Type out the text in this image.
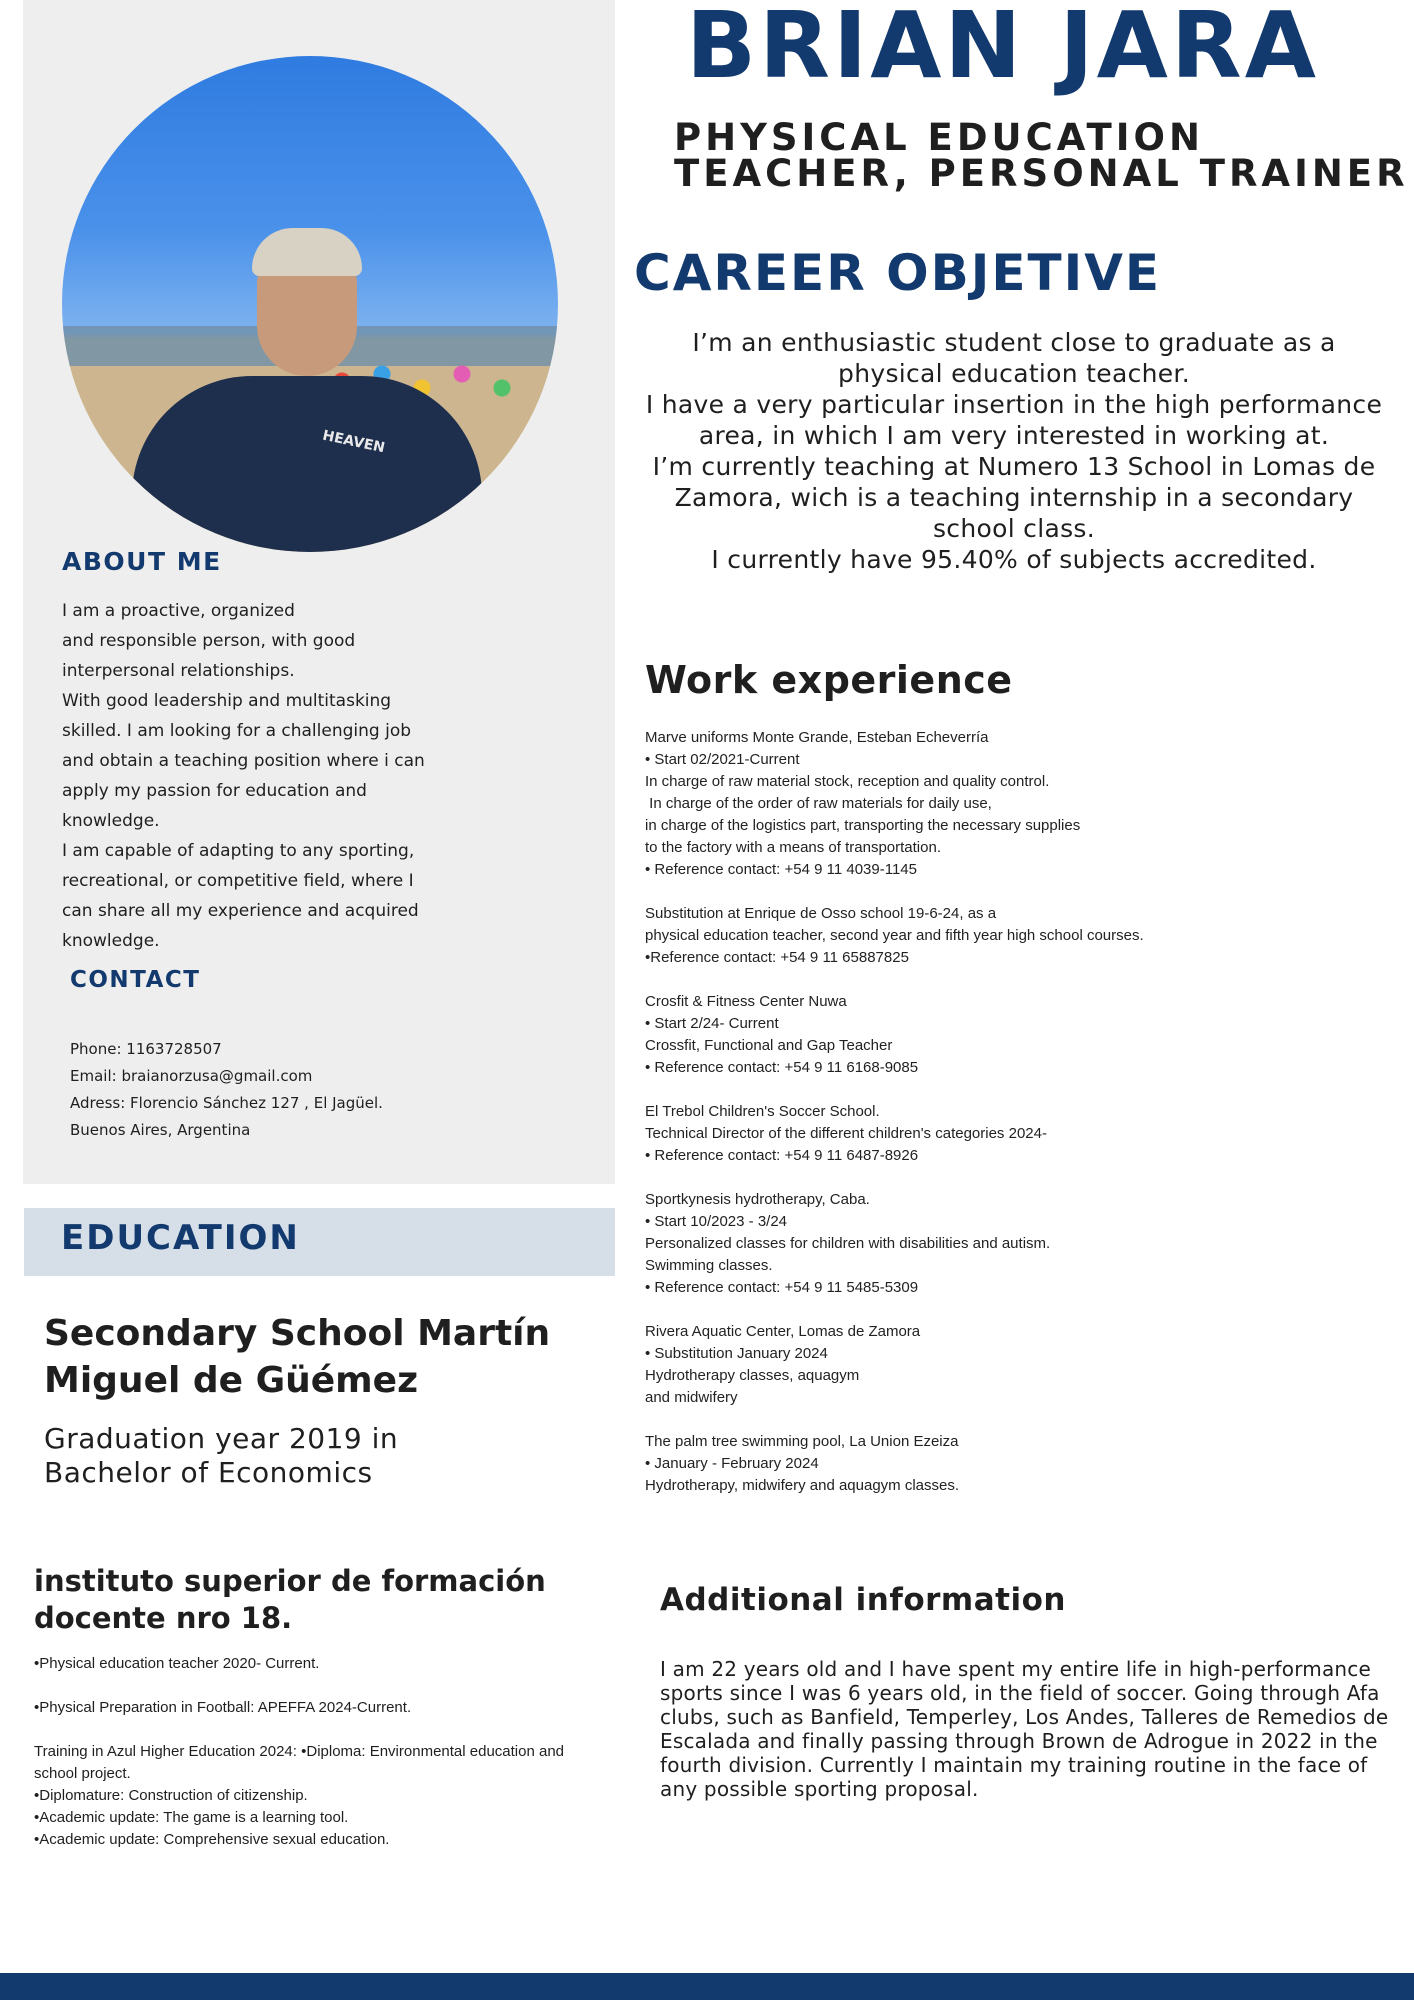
HEAVEN
BRIAN JARA
PHYSICAL EDUCATION
TEACHER, PERSONAL TRAINER
CAREER OBJETIVE
I’m an enthusiastic student close to graduate as a
physical education teacher.
I have a very particular insertion in the high performance
area, in which I am very interested in working at.
I’m currently teaching at Numero 13 School in Lomas de
Zamora, wich is a teaching internship in a secondary
school class.
I currently have 95.40% of subjects accredited.
ABOUT ME
I am a proactive, organized
and responsible person, with good
interpersonal relationships.
With good leadership and multitasking
skilled. I am looking for a challenging job
and obtain a teaching position where i can
apply my passion for education and
knowledge.
I am capable of adapting to any sporting,
recreational, or competitive field, where I
can share all my experience and acquired
knowledge.
CONTACT
Phone: 1163728507
Email: braianorzusa@gmail.com
Adress: Florencio Sánchez 127 , El Jagüel.
Buenos Aires, Argentina
EDUCATION
Secondary School Martín Miguel de Güémez
Graduation year 2019 in
Bachelor of Economics
instituto superior de formación docente nro 18.
•Physical education teacher 2020- Current.
•Physical Preparation in Football: APEFFA 2024-Current.
Training in Azul Higher Education 2024: •Diploma: Environmental education and
school project.
•Diplomature: Construction of citizenship.
•Academic update: The game is a learning tool.
•Academic update: Comprehensive sexual education.
Work experience
Marve uniforms Monte Grande, Esteban Echeverría
• Start 02/2021-Current
In charge of raw material stock, reception and quality control.
In charge of the order of raw materials for daily use,
in charge of the logistics part, transporting the necessary supplies
to the factory with a means of transportation.
• Reference contact: +54 9 11 4039-1145
Substitution at Enrique de Osso school 19-6-24, as a
physical education teacher, second year and fifth year high school courses.
•Reference contact: +54 9 11 65887825
Crosfit & Fitness Center Nuwa
• Start 2/24- Current
Crossfit, Functional and Gap Teacher
• Reference contact: +54 9 11 6168-9085
El Trebol Children's Soccer School.
Technical Director of the different children's categories 2024-
• Reference contact: +54 9 11 6487-8926
Sportkynesis hydrotherapy, Caba.
• Start 10/2023 - 3/24
Personalized classes for children with disabilities and autism.
Swimming classes.
• Reference contact: +54 9 11 5485-5309
Rivera Aquatic Center, Lomas de Zamora
• Substitution January 2024
Hydrotherapy classes, aquagym
and midwifery
The palm tree swimming pool, La Union Ezeiza
• January - February 2024
Hydrotherapy, midwifery and aquagym classes.
Additional information
I am 22 years old and I have spent my entire life in high-performance sports since I was 6 years old, in the field of soccer. Going through Afa clubs, such as Banfield, Temperley, Los Andes, Talleres de Remedios de Escalada and finally passing through Brown de Adrogue in 2022 in the fourth division. Currently I maintain my training routine in the face of any possible sporting proposal.
